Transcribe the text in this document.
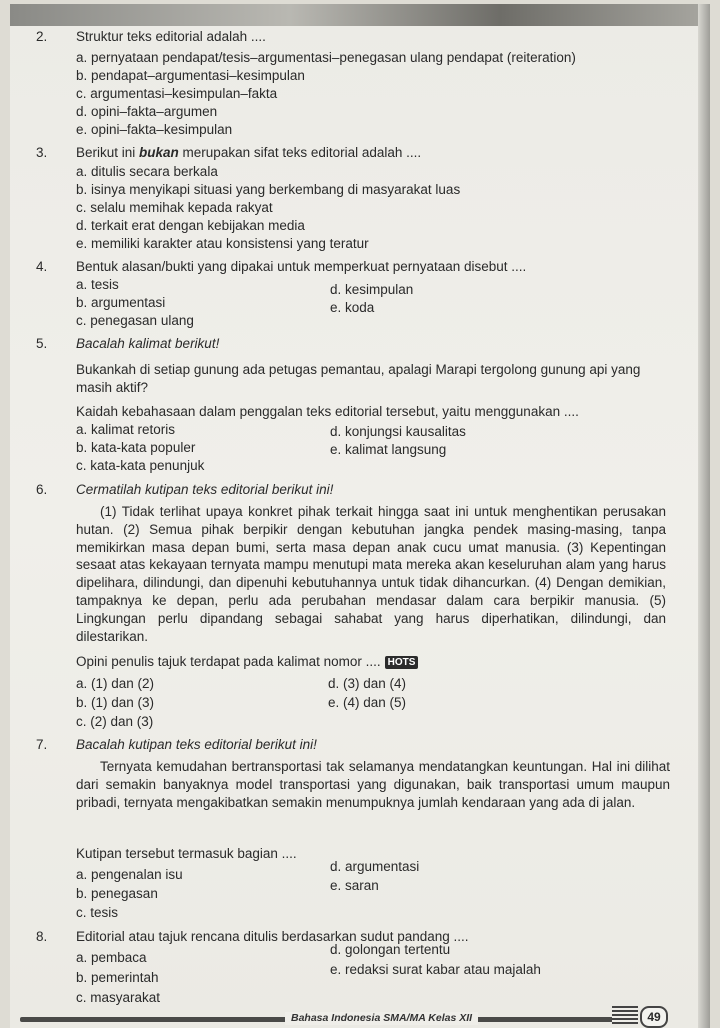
2. Struktur teks editorial adalah ....
a. pernyataan pendapat/tesis–argumentasi–penegasan ulang pendapat (reiteration)
b. pendapat–argumentasi–kesimpulan
c. argumentasi–kesimpulan–fakta
d. opini–fakta–argumen
e. opini–fakta–kesimpulan
3. Berikut ini bukan merupakan sifat teks editorial adalah ....
a. ditulis secara berkala
b. isinya menyikapi situasi yang berkembang di masyarakat luas
c. selalu memihak kepada rakyat
d. terkait erat dengan kebijakan media
e. memiliki karakter atau konsistensi yang teratur
4. Bentuk alasan/bukti yang dipakai untuk memperkuat pernyataan disebut ....
a. tesis
b. argumentasi
c. penegasan ulang
d. kesimpulan
e. koda
5. Bacalah kalimat berikut!
Bukankah di setiap gunung ada petugas pemantau, apalagi Marapi tergolong gunung api yang masih aktif?
Kaidah kebahasaan dalam penggalan teks editorial tersebut, yaitu menggunakan ....
a. kalimat retoris
b. kata-kata populer
c. kata-kata penunjuk
d. konjungsi kausalitas
e. kalimat langsung
6. Cermatilah kutipan teks editorial berikut ini!
(1) Tidak terlihat upaya konkret pihak terkait hingga saat ini untuk menghentikan perusakan hutan. (2) Semua pihak berpikir dengan kebutuhan jangka pendek masing-masing, tanpa memikirkan masa depan bumi, serta masa depan anak cucu umat manusia. (3) Kepentingan sesaat atas kekayaan ternyata mampu menutupi mata mereka akan keseluruhan alam yang harus dipelihara, dilindungi, dan dipenuhi kebutuhannya untuk tidak dihancurkan. (4) Dengan demikian, tampaknya ke depan, perlu ada perubahan mendasar dalam cara berpikir manusia. (5) Lingkungan perlu dipandang sebagai sahabat yang harus diperhatikan, dilindungi, dan dilestarikan.
Opini penulis tajuk terdapat pada kalimat nomor .... HOTS
a. (1) dan (2)
b. (1) dan (3)
c. (2) dan (3)
d. (3) dan (4)
e. (4) dan (5)
7. Bacalah kutipan teks editorial berikut ini!
Ternyata kemudahan bertransportasi tak selamanya mendatangkan keuntungan. Hal ini dilihat dari semakin banyaknya model transportasi yang digunakan, baik transportasi umum maupun pribadi, ternyata mengakibatkan semakin menumpuknya jumlah kendaraan yang ada di jalan.
Kutipan tersebut termasuk bagian ....
a. pengenalan isu
b. penegasan
c. tesis
d. argumentasi
e. saran
8. Editorial atau tajuk rencana ditulis berdasarkan sudut pandang ....
a. pembaca
b. pemerintah
c. masyarakat
d. golongan tertentu
e. redaksi surat kabar atau majalah
Bahasa Indonesia SMA/MA Kelas XII	49
